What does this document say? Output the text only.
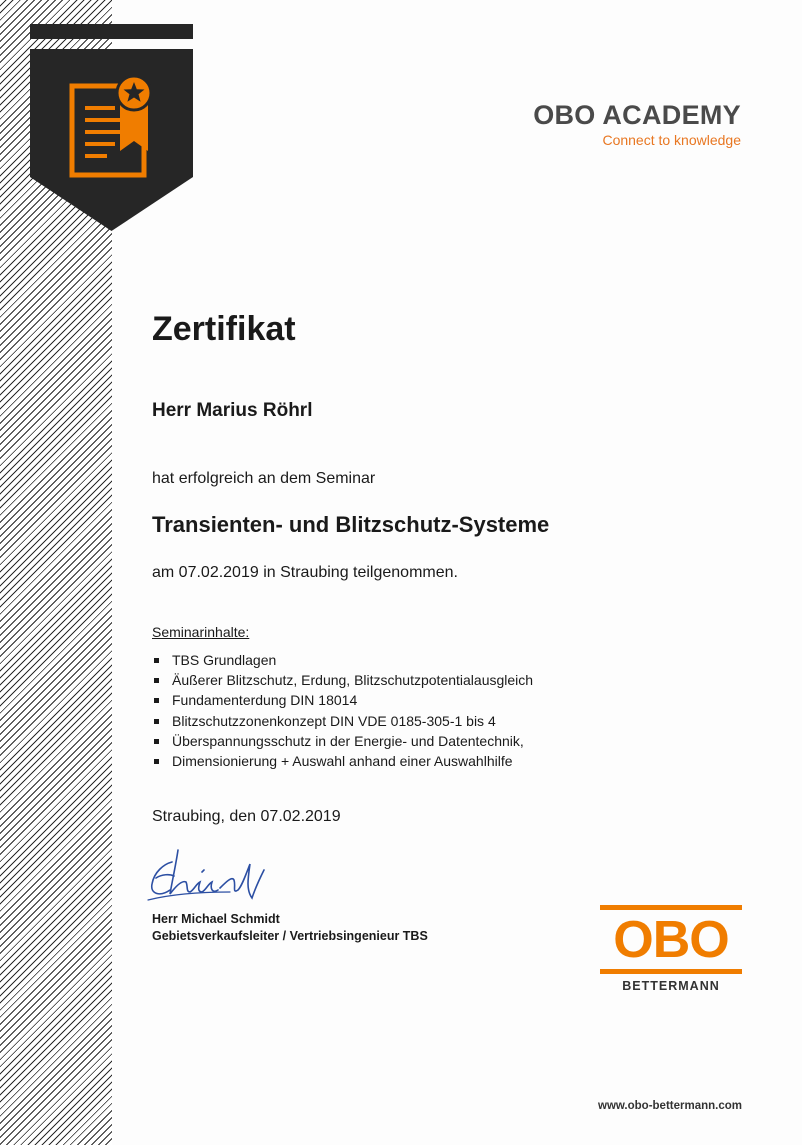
OBO ACADEMY
Connect to knowledge
Zertifikat
Herr Marius Röhrl
hat erfolgreich an dem Seminar
Transienten- und Blitzschutz-Systeme
am 07.02.2019 in Straubing teilgenommen.
Seminarinhalte:
TBS Grundlagen
Äußerer Blitzschutz, Erdung, Blitzschutzpotentialausgleich
Fundamenterdung DIN 18014
Blitzschutzzonenkonzept DIN VDE 0185-305-1 bis 4
Überspannungsschutz in der Energie- und Datentechnik,
Dimensionierung + Auswahl anhand einer Auswahlhilfe
Straubing, den 07.02.2019
Herr Michael Schmidt
Gebietsverkaufsleiter / Vertriebsingenieur TBS	OBO
BETTERMANN
www.obo-bettermann.com
